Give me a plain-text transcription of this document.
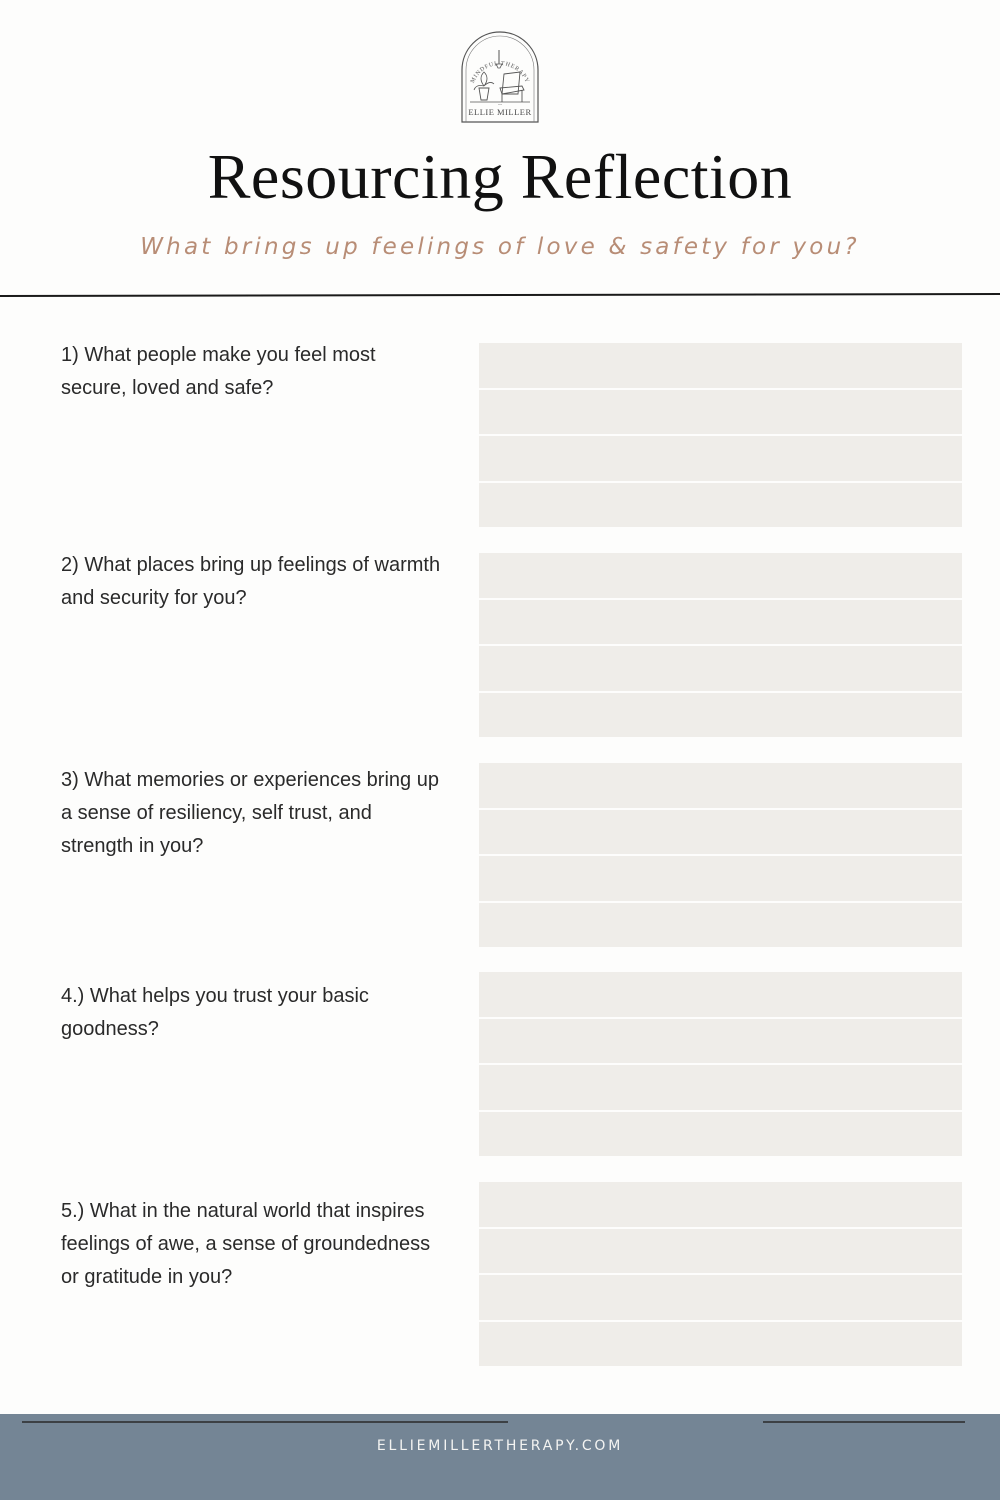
~~
MINDFUL THERAPY
ELLIE MILLER
Resourcing Reflection
What brings up feelings of love & safety for you?
1) What people make you feel most secure, loved and safe?
2) What places bring up feelings of warmth and security for you?
3) What memories or experiences bring up a sense of resiliency, self trust, and strength in you?
4.) What helps you trust your basic goodness?
5.) What in the natural world that inspires feelings of awe, a sense of groundedness or gratitude in you?
ELLIEMILLERTHERAPY.COM
